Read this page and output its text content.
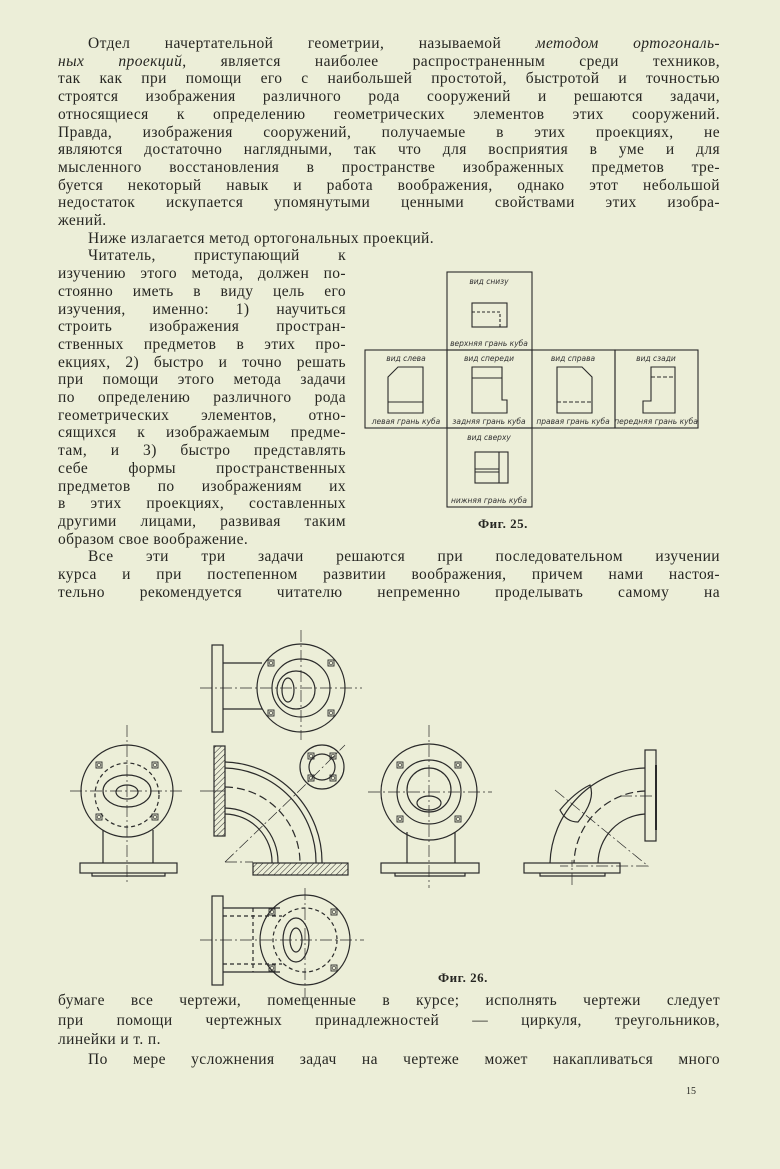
Отдел начертательной геометрии, называемой методом ортогональ-
ных проекций, является наиболее распространенным среди техников,
так как при помощи его с наибольшей простотой, быстротой и точностью
строятся изображения различного рода сооружений и решаются задачи,
относящиеся к определению геометрических элементов этих сооружений.
Правда, изображения сооружений, получаемые в этих проекциях, не
являются достаточно наглядными, так что для восприятия в уме и для
мысленного восстановления в пространстве изображенных предметов тре-
буется некоторый навык и работа воображения, однако этот небольшой
недостаток искупается упомянутыми ценными свойствами этих изобра-
жений.
Ниже излагается метод ортогональных проекций.
Читатель, приступающий к
изучению этого метода, должен по-
стоянно иметь в виду цель его
изучения, именно: 1) научиться
строить изображения простран-
ственных предметов в этих про-
екциях, 2) быстро и точно решать
при помощи этого метода задачи
по определению различного рода
геометрических элементов, отно-
сящихся к изображаемым предме-
там, и 3) быстро представлять
себе формы пространственных
предметов по изображениям их
в этих проекциях, составленных
другими лицами, развивая таким
образом свое воображение.
Все эти три задачи решаются при последовательном изучении
курса и при постепенном развитии воображения, причем нами настоя-
тельно рекомендуется читателю непременно проделывать самому на
бумаге все чертежи, помещенные в курсе; исполнять чертежи следует
при помощи чертежных принадлежностей — циркуля, треугольников,
линейки и т. п.
По мере усложнения задач на чертеже может накапливаться много
вид снизу
верхняя грань куба
вид слева
левая грань куба
вид спереди
задняя грань куба
вид справа
правая грань куба
вид сзади
передняя грань куба
вид сверху
нижняя грань куба
Фиг. 25.
Фиг. 26.
15
